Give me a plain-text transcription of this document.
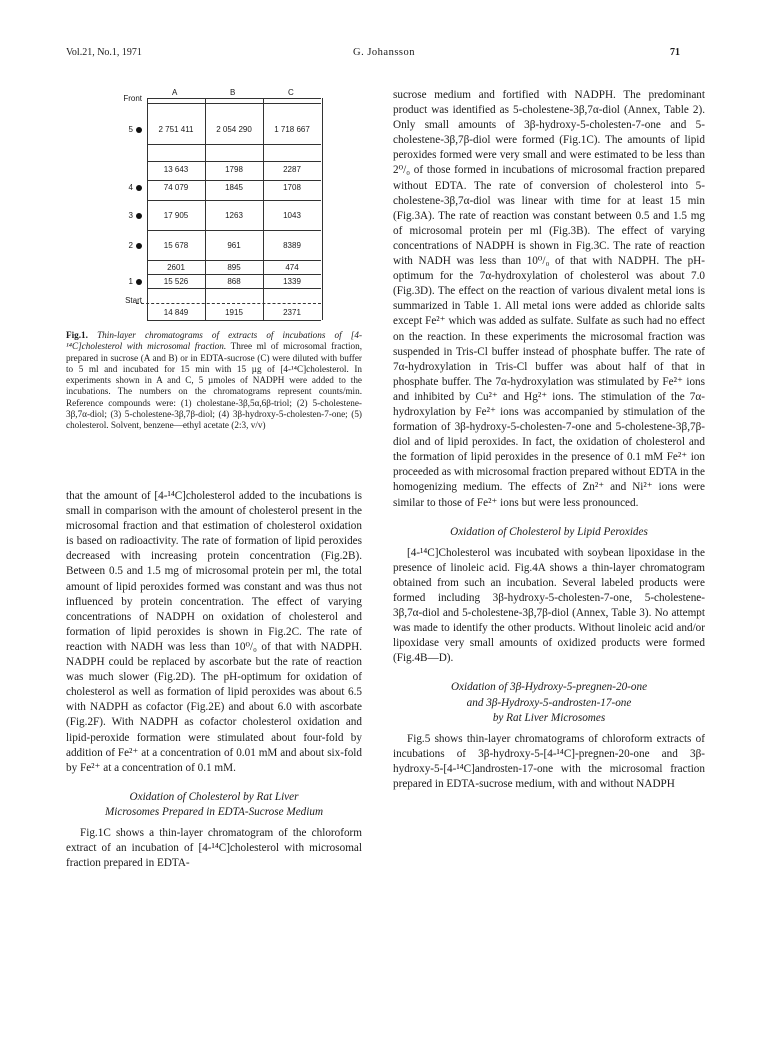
Vol.21, No.1, 1971	G. Johansson	71
A	B	C
Front
Start
5
4
3
2
1
2 751 411	2 054 290	1 718 667
13 643	1798	2287
74 079	1845	1708
17 905	1263	1043
15 678	961	8389
2601	895	474
15 526	868	1339
14 849	1915	2371
Fig.1. Thin-layer chromatograms of extracts of incubations of [4-¹⁴C]cholesterol with microsomal fraction. Three ml of microsomal fraction, prepared in sucrose (A and B) or in EDTA-sucrose (C) were diluted with buffer to 5 ml and incubated for 15 min with 15 µg of [4-¹⁴C]cholesterol. In experiments shown in A and C, 5 µmoles of NADPH were added to the incubations. The numbers on the chromatograms represent counts/min. Reference compounds were: (1) cholestane-3β,5α,6β-triol; (2) 5-cholestene-3β,7α-diol; (3) 5-cholestene-3β,7β-diol; (4) 3β-hydroxy-5-cholesten-7-one; (5) cholesterol. Solvent, benzene—ethyl acetate (2:3, v/v)

that the amount of [4-¹⁴C]cholesterol added to the incubations is small in comparison with the amount of cholesterol present in the microsomal fraction and that estimation of cholesterol oxidation is based on radioactivity. The rate of formation of lipid peroxides decreased with increasing protein concentration (Fig.2B). Between 0.5 and 1.5 mg of microsomal protein per ml, the total amount of lipid peroxides formed was constant and was thus not influenced by protein concentration. The effect of varying concentrations of NADPH on oxidation of cholesterol and formation of lipid peroxides is shown in Fig.2C. The rate of reaction with NADH was less than 10⁰/₀ of that with NADPH. NADPH could be replaced by ascorbate but the rate of reaction was much slower (Fig.2D). The pH-optimum for oxidation of cholesterol as well as formation of lipid peroxides was about 6.5 with NADPH as cofactor (Fig.2E) and about 6.0 with ascorbate (Fig.2F). With NADPH as cofactor cholesterol oxidation and lipid-peroxide formation were stimulated about four-fold by addition of Fe²⁺ at a concentration of 0.01 mM and about six-fold by Fe²⁺ at a concentration of 0.1 mM.

Oxidation of Cholesterol by Rat Liver
Microsomes Prepared in EDTA-Sucrose Medium

Fig.1C shows a thin-layer chromatogram of the chloroform extract of an incubation of [4-¹⁴C]cholesterol with microsomal fraction prepared in EDTA-

sucrose medium and fortified with NADPH. The predominant product was identified as 5-cholestene-3β,7α-diol (Annex, Table 2). Only small amounts of 3β-hydroxy-5-cholesten-7-one and 5-cholestene-3β,7β-diol were formed (Fig.1C). The amounts of lipid peroxides formed were very small and were estimated to be less than 2⁰/₀ of those formed in incubations of microsomal fraction prepared without EDTA. The rate of conversion of cholesterol into 5-cholestene-3β,7α-diol was linear with time for at least 15 min (Fig.3A). The rate of reaction was constant between 0.5 and 1.5 mg of microsomal protein per ml (Fig.3B). The effect of varying concentrations of NADPH is shown in Fig.3C. The rate of reaction with NADH was less than 10⁰/₀ of that with NADPH. The pH-optimum for the 7α-hydroxylation of cholesterol was about 7.0 (Fig.3D). The effect on the reaction of various divalent metal ions is summarized in Table 1. All metal ions were added as chloride salts except Fe²⁺ which was added as sulfate. Sulfate as such had no effect on the reaction. In these experiments the microsomal fraction was suspended in Tris-Cl buffer instead of phosphate buffer. The rate of 7α-hydroxylation in Tris-Cl buffer was about half of that in phosphate buffer. The 7α-hydroxylation was stimulated by Fe²⁺ ions and inhibited by Cu²⁺ and Hg²⁺ ions. The stimulation of the 7α-hydroxylation by Fe²⁺ ions was accompanied by stimulation of the formation of 3β-hydroxy-5-cholesten-7-one and 5-cholestene-3β,7β-diol and of lipid peroxides. In fact, the oxidation of cholesterol and the formation of lipid peroxides in the presence of 0.1 mM Fe²⁺ ion proceeded as with microsomal fraction prepared without EDTA in the homogenizing medium. The effects of Zn²⁺ and Ni²⁺ ions were similar to those of Fe²⁺ ions but were less pronounced.

Oxidation of Cholesterol by Lipid Peroxides

[4-¹⁴C]Cholesterol was incubated with soybean lipoxidase in the presence of linoleic acid. Fig.4A shows a thin-layer chromatogram obtained from such an incubation. Several labeled products were formed including 3β-hydroxy-5-cholesten-7-one, 5-cholestene-3β,7α-diol and 5-cholestene-3β,7β-diol (Annex, Table 3). No attempt was made to identify the other products. Without linoleic acid and/or lipoxidase very small amounts of oxidized products were formed (Fig.4B—D).

Oxidation of 3β-Hydroxy-5-pregnen-20-one
and 3β-Hydroxy-5-androsten-17-one
by Rat Liver Microsomes

Fig.5 shows thin-layer chromatograms of chloroform extracts of incubations of 3β-hydroxy-5-[4-¹⁴C]-pregnen-20-one and 3β-hydroxy-5-[4-¹⁴C]androsten-17-one with the microsomal fraction prepared in EDTA-sucrose medium, with and without NADPH
